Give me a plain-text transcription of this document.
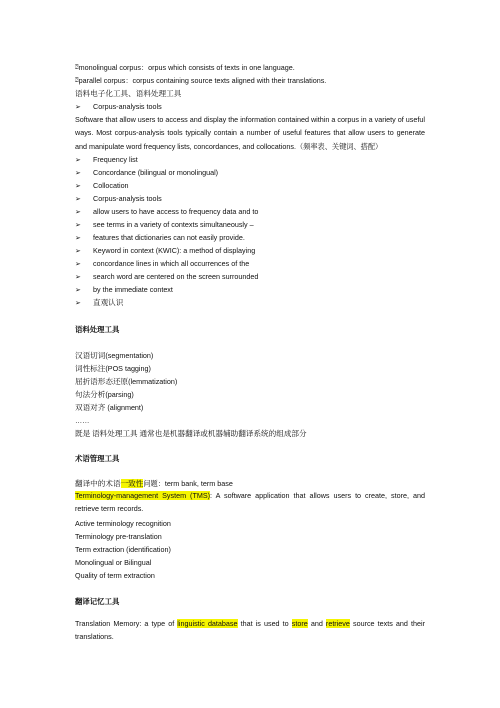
⍰monolingual corpus：orpus which consists of texts in one language.
⍰parallel corpus：corpus containing source texts aligned with their translations.
语料电子化工具、语料处理工具
➢ Corpus-analysis tools
Software that allow users to access and display the information contained within a corpus in a variety of useful ways. Most corpus-analysis tools typically contain a number of useful features that allow users to generate and manipulate word frequency lists, concordances, and collocations.（频率表、关键词、搭配）
➢ Frequency list
➢ Concordance (bilingual or monolingual)
➢ Collocation
➢ Corpus-analysis tools
➢ allow users to have access to frequency data and to
➢ see terms in a variety of contexts simultaneously –
➢ features that dictionaries can not easily provide.
➢ Keyword in context (KWIC): a method of displaying
➢ concordance lines in which all occurrences of the
➢ search word are centered on the screen surrounded
➢ by the immediate context
➢ 直观认识
语料处理工具
汉语切词(segmentation)
词性标注(POS tagging)
屈折语形态还原(lemmatization)
句法分析(parsing)
双语对齐 (alignment)
……
既是 语料处理工具 通常也是机器翻译或机器辅助翻译系统的组成部分
术语管理工具
翻译中的术语一致性问题：term bank, term base
Terminology-management System (TMS): A software application that allows users to create, store, and retrieve term records.
Active terminology recognition
Terminology pre-translation
Term extraction (identification)
Monolingual or Bilingual
Quality of term extraction
翻译记忆工具
Translation Memory: a type of linguistic database that is used to store and retrieve source texts and their translations.
